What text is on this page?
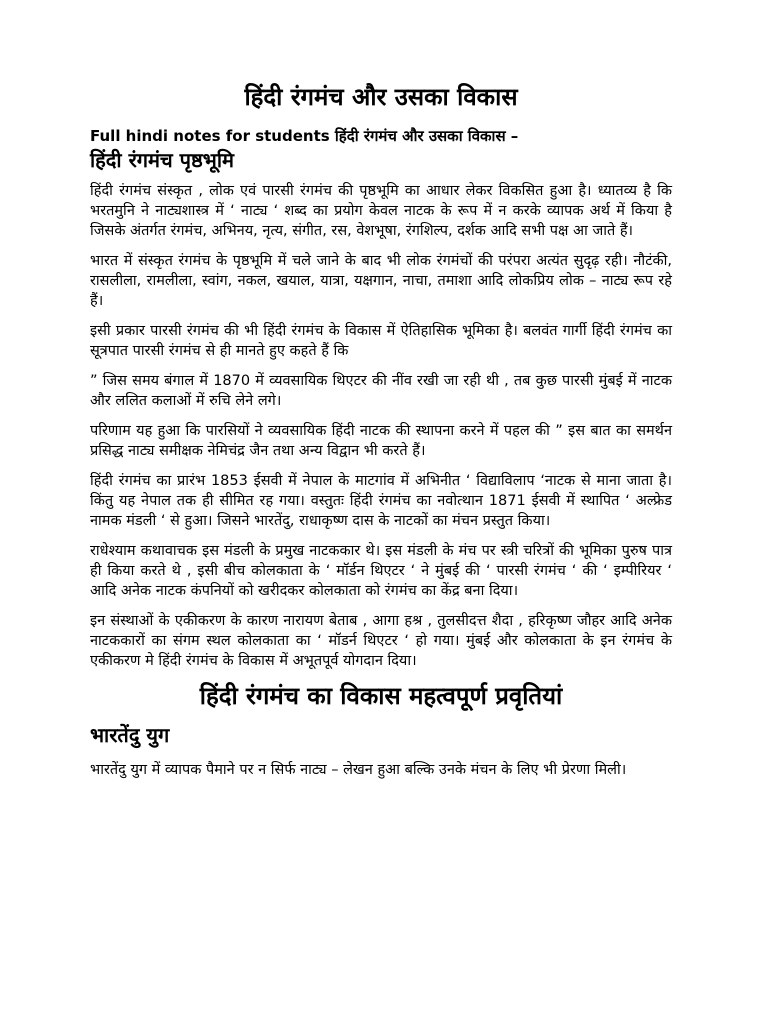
हिंदी रंगमंच और उसका विकास

Full hindi notes for students हिंदी रंगमंच और उसका विकास –

हिंदी रंगमंच पृष्ठभूमि

हिंदी रंगमंच संस्कृत , लोक एवं पारसी रंगमंच की पृष्ठभूमि का आधार लेकर विकसित हुआ है। ध्यातव्य है कि भरतमुनि ने नाट्यशास्त्र में ‘ नाट्य ‘ शब्द का प्रयोग केवल नाटक के रूप में न करके व्यापक अर्थ में किया है जिसके अंतर्गत रंगमंच, अभिनय, नृत्य, संगीत, रस, वेशभूषा, रंगशिल्प, दर्शक आदि सभी पक्ष आ जाते हैं।

भारत में संस्कृत रंगमंच के पृष्ठभूमि में चले जाने के बाद भी लोक रंगमंचों की परंपरा अत्यंत सुदृढ़ रही। नौटंकी, रासलीला, रामलीला, स्वांग, नकल, खयाल, यात्रा, यक्षगान, नाचा, तमाशा आदि लोकप्रिय लोक – नाट्य रूप रहे हैं।

इसी प्रकार पारसी रंगमंच की भी हिंदी रंगमंच के विकास में ऐतिहासिक भूमिका है। बलवंत गार्गी हिंदी रंगमंच का सूत्रपात पारसी रंगमंच से ही मानते हुए कहते हैं कि

” जिस समय बंगाल में 1870 में व्यवसायिक थिएटर की नींव रखी जा रही थी , तब कुछ पारसी मुंबई में नाटक और ललित कलाओं में रुचि लेने लगे।

परिणाम यह हुआ कि पारसियों ने व्यवसायिक हिंदी नाटक की स्थापना करने में पहल की ” इस बात का समर्थन प्रसिद्ध नाट्य समीक्षक नेमिचंद्र जैन तथा अन्य विद्वान भी करते हैं।

हिंदी रंगमंच का प्रारंभ 1853 ईसवी में नेपाल के माटगांव में अभिनीत ‘ विद्याविलाप ‘नाटक से माना जाता है। किंतु यह नेपाल तक ही सीमित रह गया। वस्तुतः हिंदी रंगमंच का नवोत्थान 1871 ईसवी में स्थापित ‘ अल्फ्रेड नामक मंडली ‘ से हुआ। जिसने भारतेंदु, राधाकृष्ण दास के नाटकों का मंचन प्रस्तुत किया।

राधेश्याम कथावाचक इस मंडली के प्रमुख नाटककार थे। इस मंडली के मंच पर स्त्री चरित्रों की भूमिका पुरुष पात्र ही किया करते थे , इसी बीच कोलकाता के ‘ मॉर्डन थिएटर ‘ ने मुंबई की ‘ पारसी रंगमंच ‘ की ‘ इम्पीरियर ‘ आदि अनेक नाटक कंपनियों को खरीदकर कोलकाता को रंगमंच का केंद्र बना दिया।

इन संस्थाओं के एकीकरण के कारण नारायण बेताब , आगा हश्र , तुलसीदत्त शैदा , हरिकृष्ण जौहर आदि अनेक नाटककारों का संगम स्थल कोलकाता का ‘ मॉडर्न थिएटर ‘ हो गया। मुंबई और कोलकाता के इन रंगमंच के एकीकरण मे हिंदी रंगमंच के विकास में अभूतपूर्व योगदान दिया।

हिंदी रंगमंच का विकास महत्वपूर्ण प्रवृतियां
भारतेंदु युग

भारतेंदु युग में व्यापक पैमाने पर न सिर्फ नाट्य – लेखन हुआ बल्कि उनके मंचन के लिए भी प्रेरणा मिली।
